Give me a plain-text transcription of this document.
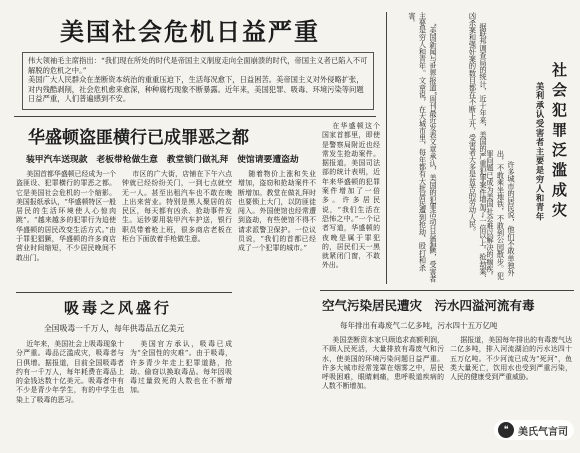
美国社会危机日益严重

伟大领袖毛主席指出：“我们现在所处的时代是帝国主义制度走向全面崩溃的时代，帝国主义者已陷入不可解脱的危机之中。”

美国广大人民群众在垄断资本统治的重重压迫下，生活每况愈下，日益困苦。美帝国主义对外侵略扩张，对内残酷剥削，社会危机愈来愈深，种种腐朽现象不断暴露。近年来，美国犯罪、吸毒、环境污染等问题日益严重，人们普遍感到不安。

华盛顿盗匪横行已成罪恶之都
装甲汽车送现款　老板带枪做生意　教堂锁门做礼拜　使馆请要遭盗劫

美国首都华盛顿已经成为一个盗匪设、犯罪横行的罪恶之都。它是美国社会危机的一个缩影。美国报纸承认，“华盛顿特区一般居民的生活环境使人心惊肉跳”。“越来越多的犯罪行为迫使华盛顿的居民改变生活方式。”由于罪犯猖獗，华盛顿的许多商店营业时间缩短，不少居民晚间不敢出门。

市区的广大街，店铺在下午六点钟就已经纷纷关门，一到七点就空无一人。甚至出租汽车也不敢在晚上出来营业。特别是黑人聚居的贫民区，每天都有凶杀、抢劫事件发生。运钞要用装甲汽车护送，银行职员带着枪上班，很多商店老板在柜台下面放着手枪做生意。

随着物价上涨和失业增加，盗窃和抢劫案件不断增加。教堂在做礼拜时也要锁上大门，以防匪徒闯入。外国使馆也经常遭到盗劫，有些使馆不得不请求派警卫保护。一位议员说，“我们的首都已经成了一个犯罪的城市。”

吸毒之风盛行
全国吸毒一千万人，每年供毒品五亿美元

近年来，美国社会上吸毒现象十分严重。毒品泛滥成灾，吸毒者与日俱增。据报道，目前全国吸毒者约有一千万人，每年耗费在毒品上的金钱达数十亿美元。吸毒者中有不少是青少年学生，有的中学生也染上了吸毒的恶习。

美国官方承认，吸毒已成为“全国性的灾难”。由于吸毒，许多青少年走上犯罪道路，抢劫、偷窃以换取毒品。每年因吸毒过量致死的人数也在不断增加。

在华盛顿这个国家首都里，即使是警察局附近也经常发生抢劫案件。据报道，美国司法部的统计表明，近年来华盛顿的犯罪案件增加了一倍多。许多居民说，“我们生活在恐怖之中。”一个记者写道，华盛顿的夜晚是属于罪犯的，居民们天一黑就紧闭门窗，不敢外出。

空气污染居民遭灾　污水四溢河流有毒
每年排出有毒废气二亿多吨，污水四十五万亿吨

美国垄断资本家只顾追求高额利润，不顾人民死活，大量排放有毒废气和污水，使美国的环境污染问题日益严重。许多大城市经常笼罩在烟雾之中，居民呼吸困难，眼睛刺痛，患呼吸道疾病的人数不断增加。

据报道，美国每年排出的有毒废气达二亿多吨，排入河流湖泊的污水达四十五万亿吨。不少河流已成为“死河”，鱼类大量死亡，饮用水也受到严重污染，人民的健康受到严重威胁。

“美国新闻与世界报道”周刊最近发表文章承认，美国的犯罪活动日益猖獗，受害者主要是穷人和青年。文章说，在大城市里，每年都有大批居民遭到抢劫、殴打和杀害。

据联邦调查局的统计，近十年来，美国的严重犯罪案件增加了一倍以上。抢劫案、凶杀案和强奸案的数目都在不断上升，受害者大多是贫苦的劳动人民。	许多城市的居民说，他们不敢单独外出，不敢乘坐地铁，不敢到公园散步。犯罪问题已成为美国社会难以解决的痼疾。	社会犯罪泛滥成灾
美利承认受害者主要是穷人和青年
❝ 美氏气言司
